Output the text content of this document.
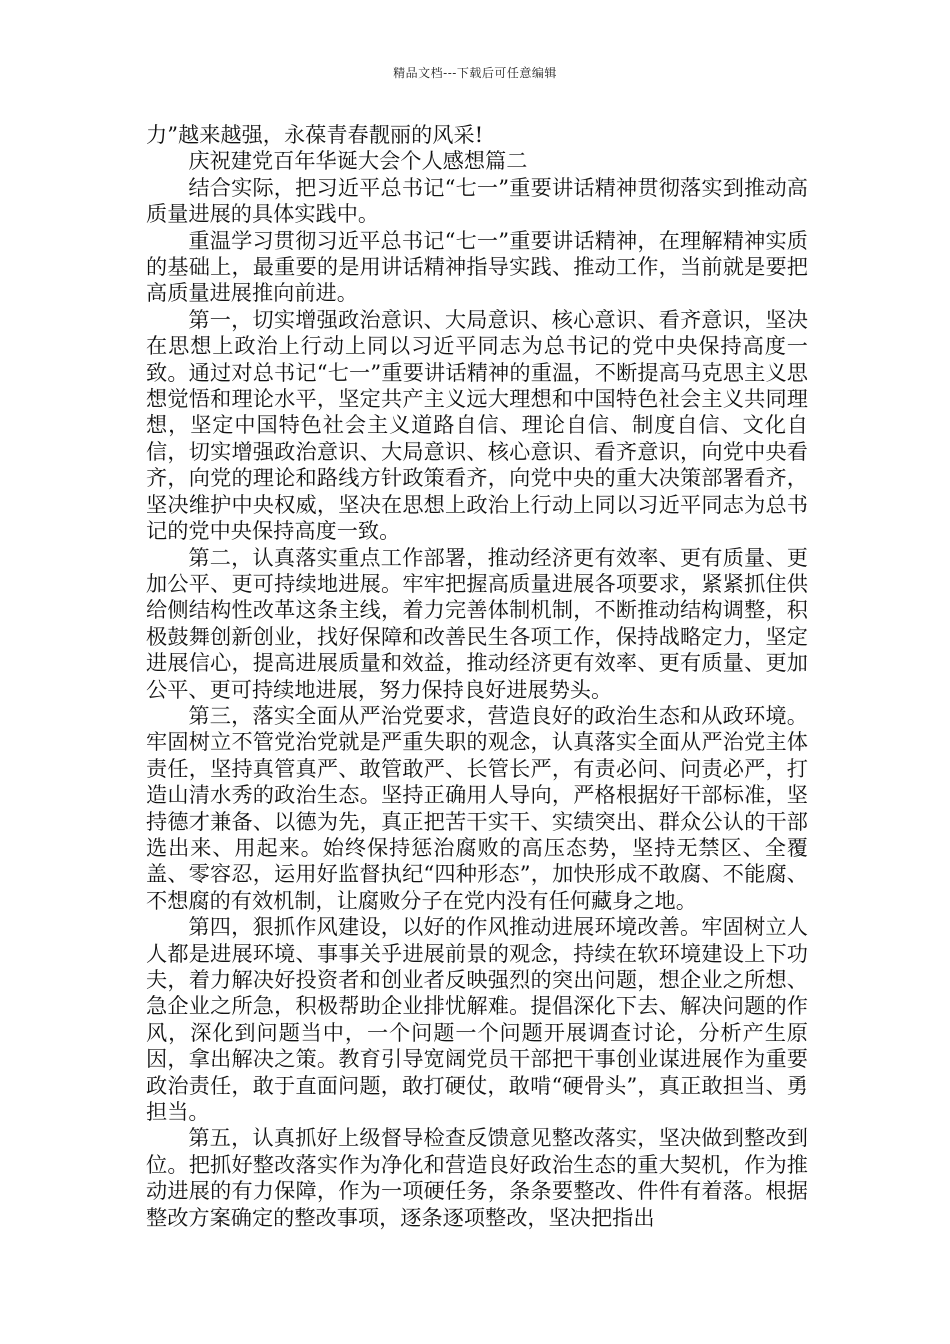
精品文档---下载后可任意编辑

力”越来越强，永葆青春靓丽的风采!

庆祝建党百年华诞大会个人感想篇二

结合实际，把习近平总书记“七一”重要讲话精神贯彻落实到推动高质量进展的具体实践中。

重温学习贯彻习近平总书记“七一”重要讲话精神，在理解精神实质的基础上，最重要的是用讲话精神指导实践、推动工作，当前就是要把高质量进展推向前进。

第一，切实增强政治意识、大局意识、核心意识、看齐意识，坚决在思想上政治上行动上同以习近平同志为总书记的党中央保持高度一致。通过对总书记“七一”重要讲话精神的重温，不断提高马克思主义思想觉悟和理论水平，坚定共产主义远大理想和中国特色社会主义共同理想，坚定中国特色社会主义道路自信、理论自信、制度自信、文化自信，切实增强政治意识、大局意识、核心意识、看齐意识，向党中央看齐，向党的理论和路线方针政策看齐，向党中央的重大决策部署看齐，坚决维护中央权威，坚决在思想上政治上行动上同以习近平同志为总书记的党中央保持高度一致。

第二，认真落实重点工作部署，推动经济更有效率、更有质量、更加公平、更可持续地进展。牢牢把握高质量进展各项要求，紧紧抓住供给侧结构性改革这条主线，着力完善体制机制，不断推动结构调整，积极鼓舞创新创业，找好保障和改善民生各项工作，保持战略定力，坚定进展信心，提高进展质量和效益，推动经济更有效率、更有质量、更加公平、更可持续地进展，努力保持良好进展势头。

第三，落实全面从严治党要求，营造良好的政治生态和从政环境。牢固树立不管党治党就是严重失职的观念，认真落实全面从严治党主体责任，坚持真管真严、敢管敢严、长管长严，有责必问、问责必严，打造山清水秀的政治生态。坚持正确用人导向，严格根据好干部标准，坚持德才兼备、以德为先，真正把苦干实干、实绩突出、群众公认的干部选出来、用起来。始终保持惩治腐败的高压态势，坚持无禁区、全覆盖、零容忍，运用好监督执纪“四种形态”，加快形成不敢腐、不能腐、不想腐的有效机制，让腐败分子在党内没有任何藏身之地。

第四，狠抓作风建设，以好的作风推动进展环境改善。牢固树立人人都是进展环境、事事关乎进展前景的观念，持续在软环境建设上下功夫，着力解决好投资者和创业者反映强烈的突出问题，想企业之所想、急企业之所急，积极帮助企业排忧解难。提倡深化下去、解决问题的作风，深化到问题当中，一个问题一个问题开展调查讨论，分析产生原因，拿出解决之策。教育引导宽阔党员干部把干事创业谋进展作为重要政治责任，敢于直面问题，敢打硬仗，敢啃“硬骨头”，真正敢担当、勇担当。

第五，认真抓好上级督导检查反馈意见整改落实，坚决做到整改到位。把抓好整改落实作为净化和营造良好政治生态的重大契机，作为推动进展的有力保障，作为一项硬任务，条条要整改、件件有着落。根据整改方案确定的整改事项，逐条逐项整改，坚决把指出
